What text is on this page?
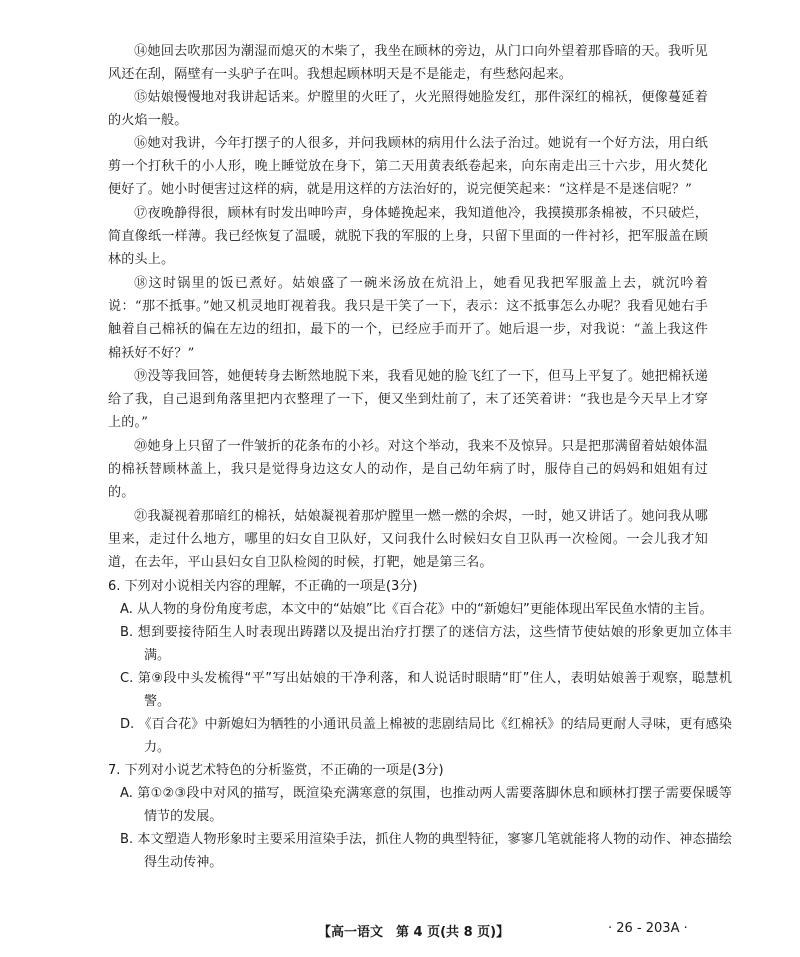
⑭她回去吹那因为潮湿而熄灭的木柴了，我坐在顾林的旁边，从门口向外望着那昏暗的天。我听见风还在刮，隔壁有一头驴子在叫。我想起顾林明天是不是能走，有些愁闷起来。

⑮姑娘慢慢地对我讲起话来。炉膛里的火旺了，火光照得她脸发红，那件深红的棉袄，便像蔓延着的火焰一般。

⑯她对我讲，今年打摆子的人很多，并问我顾林的病用什么法子治过。她说有一个好方法，用白纸剪一个打秋千的小人形，晚上睡觉放在身下，第二天用黄表纸卷起来，向东南走出三十六步，用火焚化便好了。她小时便害过这样的病，就是用这样的方法治好的，说完便笑起来：“这样是不是迷信呢？”

⑰夜晚静得很，顾林有时发出呻吟声，身体蜷挽起来，我知道他冷，我摸摸那条棉被，不只破烂，简直像纸一样薄。我已经恢复了温暖，就脱下我的军服的上身，只留下里面的一件衬衫，把军服盖在顾林的头上。

⑱这时锅里的饭已煮好。姑娘盛了一碗米汤放在炕沿上，她看见我把军服盖上去，就沉吟着说：“那不抵事。”她又机灵地盯视着我。我只是干笑了一下，表示：这不抵事怎么办呢？我看见她右手触着自己棉袄的偏在左边的纽扣，最下的一个，已经应手而开了。她后退一步，对我说：“盖上我这件棉袄好不好？”

⑲没等我回答，她便转身去断然地脱下来，我看见她的脸飞红了一下，但马上平复了。她把棉袄递给了我，自己退到角落里把内衣整理了一下，便又坐到灶前了，末了还笑着讲：“我也是今天早上才穿上的。”

⑳她身上只留了一件皱折的花条布的小衫。对这个举动，我来不及惊异。只是把那满留着姑娘体温的棉袄替顾林盖上，我只是觉得身边这女人的动作，是自己幼年病了时，服侍自己的妈妈和姐姐有过的。

㉑我凝视着那暗红的棉袄，姑娘凝视着那炉膛里一燃一燃的余烬，一时，她又讲话了。她问我从哪里来，走过什么地方，哪里的妇女自卫队好，又问我什么时候妇女自卫队再一次检阅。一会儿我才知道，在去年，平山县妇女自卫队检阅的时候，打靶，她是第三名。

6. 下列对小说相关内容的理解，不正确的一项是(3分)

A. 从人物的身份角度考虑，本文中的“姑娘”比《百合花》中的“新媳妇”更能体现出军民鱼水情的主旨。

B. 想到要接待陌生人时表现出踌躇以及提出治疗打摆了的迷信方法，这些情节使姑娘的形象更加立体丰满。

C. 第⑨段中头发梳得“平”写出姑娘的干净利落，和人说话时眼睛“盯”住人，表明姑娘善于观察，聪慧机警。

D. 《百合花》中新媳妇为牺牲的小通讯员盖上棉被的悲剧结局比《红棉袄》的结局更耐人寻味，更有感染力。

7. 下列对小说艺术特色的分析鉴赏，不正确的一项是(3分)

A. 第①②③段中对风的描写，既渲染充满寒意的氛围，也推动两人需要落脚休息和顾林打摆子需要保暖等情节的发展。

B. 本文塑造人物形象时主要采用渲染手法，抓住人物的典型特征，寥寥几笔就能将人物的动作、神态描绘得生动传神。

【高一语文　第 4 页(共 8 页)】	· 26 - 203A ·
